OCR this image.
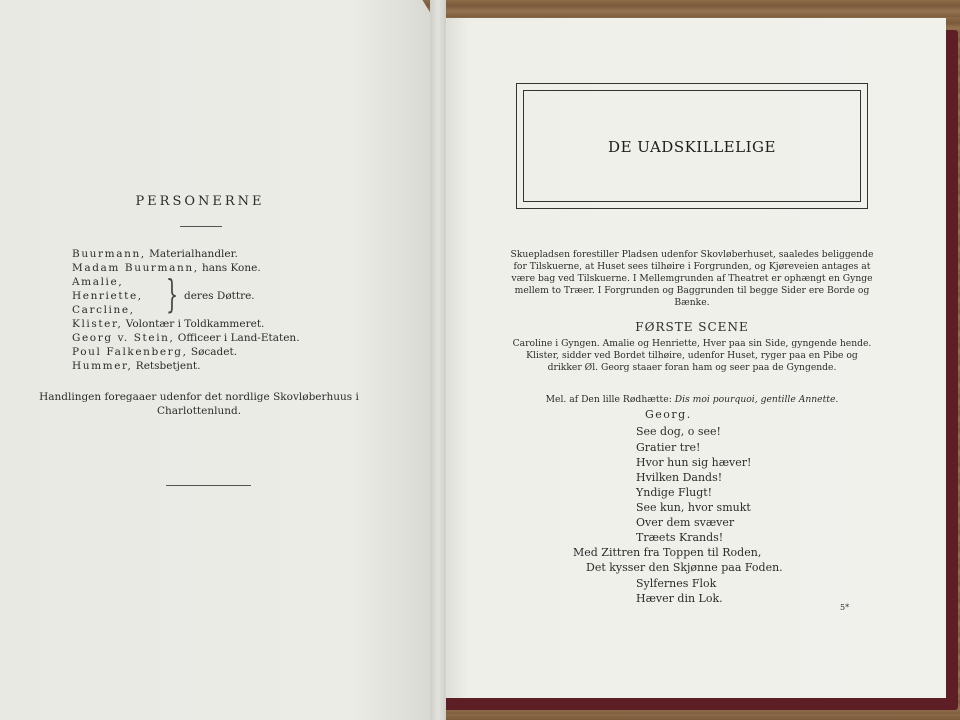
PERSONERNE
Buurmann, Materialhandler.
Madam Buurmann, hans Kone.
Amalie,
Henriette,
Carcline, } deres Døttre.
Klister, Volontær i Toldkammeret.
Georg v. Stein, Officeer i Land-Etaten.
Poul Falkenberg, Søcadet.
Hummer, Retsbetjent.
Handlingen foregaaer udenfor det nordlige Skovløberhuus i Charlottenlund.
DE UADSKILLELIGE
Skuepladsen forestiller Pladsen udenfor Skovløberhuset, saaledes beliggende for Tilskuerne, at Huset sees tilhøire i Forgrunden, og Kjøreveien antages at være bag ved Tilskuerne. I Mellemgrunden af Theatret er ophængt en Gynge mellem to Træer. I Forgrunden og Baggrunden til begge Sider ere Borde og Bænke.
FØRSTE SCENE
Caroline i Gyngen. Amalie og Henriette, Hver paa sin Side, gyngende hende. Klister, sidder ved Bordet tilhøire, udenfor Huset, ryger paa en Pibe og drikker Øl. Georg staaer foran ham og seer paa de Gyngende.
Mel. af Den lille Rødhætte: Dis moi pourquoi, gentille Annette.
Georg.
See dog, o see!
Gratier tre!
Hvor hun sig hæver!
Hvilken Dands!
Yndige Flugt!
See kun, hvor smukt
Over dem svæver
Træets Krands!
Med Zittren fra Toppen til Roden,
Det kysser den Skjønne paa Foden.
Sylfernes Flok
Hæver din Lok.
5*
